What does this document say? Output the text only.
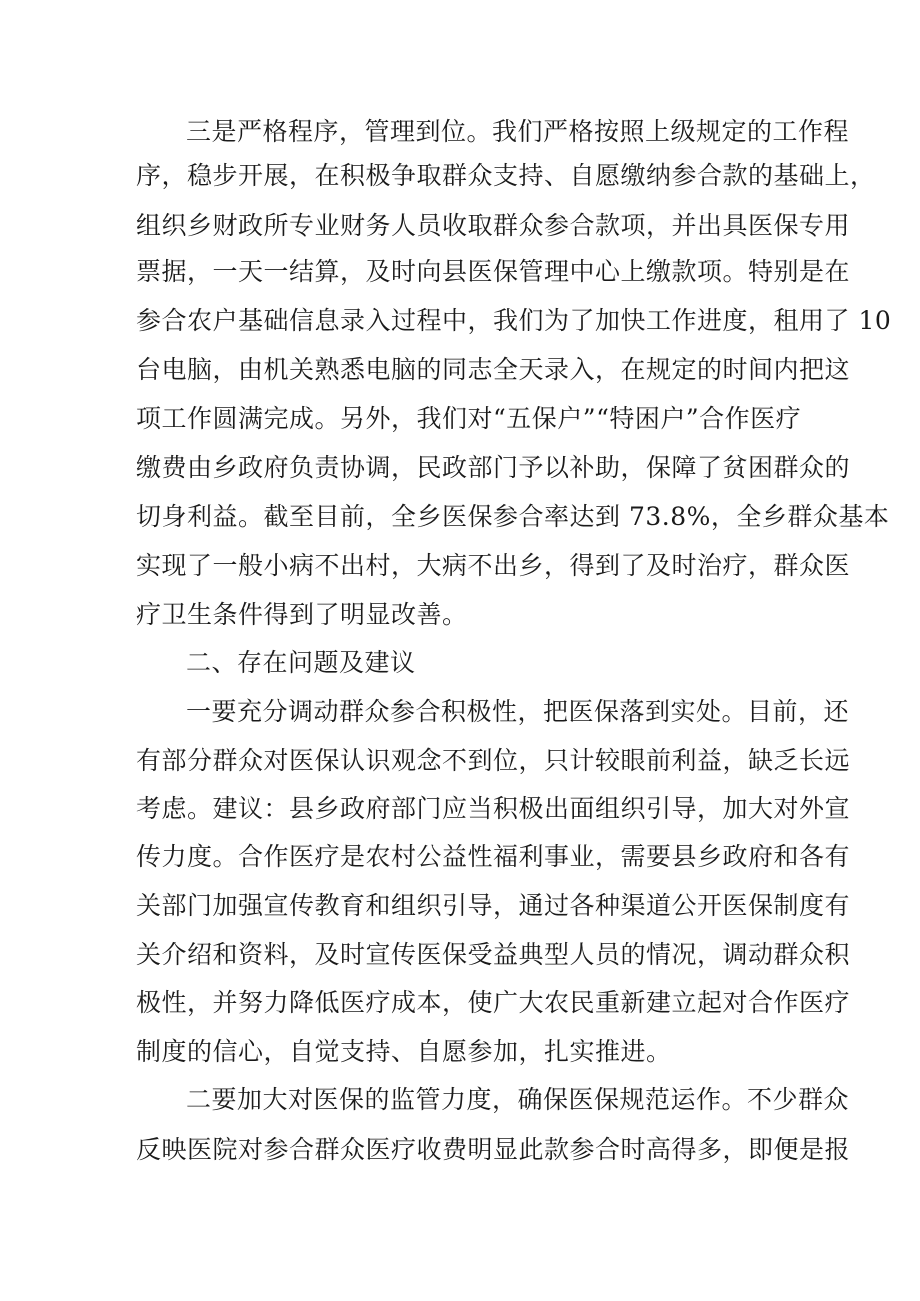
三是严格程序，管理到位。我们严格按照上级规定的工作程
序，稳步开展，在积极争取群众支持、自愿缴纳参合款的基础上，
组织乡财政所专业财务人员收取群众参合款项，并出具医保专用
票据，一天一结算，及时向县医保管理中心上缴款项。特别是在
参合农户基础信息录入过程中，我们为了加快工作进度，租用了 10
台电脑，由机关熟悉电脑的同志全天录入，在规定的时间内把这
项工作圆满完成。另外，我们对“五保户”“特困户”合作医疗
缴费由乡政府负责协调，民政部门予以补助，保障了贫困群众的
切身利益。截至目前，全乡医保参合率达到 73.8%，全乡群众基本
实现了一般小病不出村，大病不出乡，得到了及时治疗，群众医
疗卫生条件得到了明显改善。
二、存在问题及建议
一要充分调动群众参合积极性，把医保落到实处。目前，还
有部分群众对医保认识观念不到位，只计较眼前利益，缺乏长远
考虑。建议：县乡政府部门应当积极出面组织引导，加大对外宣
传力度。合作医疗是农村公益性福利事业，需要县乡政府和各有
关部门加强宣传教育和组织引导，通过各种渠道公开医保制度有
关介绍和资料，及时宣传医保受益典型人员的情况，调动群众积
极性，并努力降低医疗成本，使广大农民重新建立起对合作医疗
制度的信心，自觉支持、自愿参加，扎实推进。
二要加大对医保的监管力度，确保医保规范运作。不少群众
反映医院对参合群众医疗收费明显此款参合时高得多，即便是报
